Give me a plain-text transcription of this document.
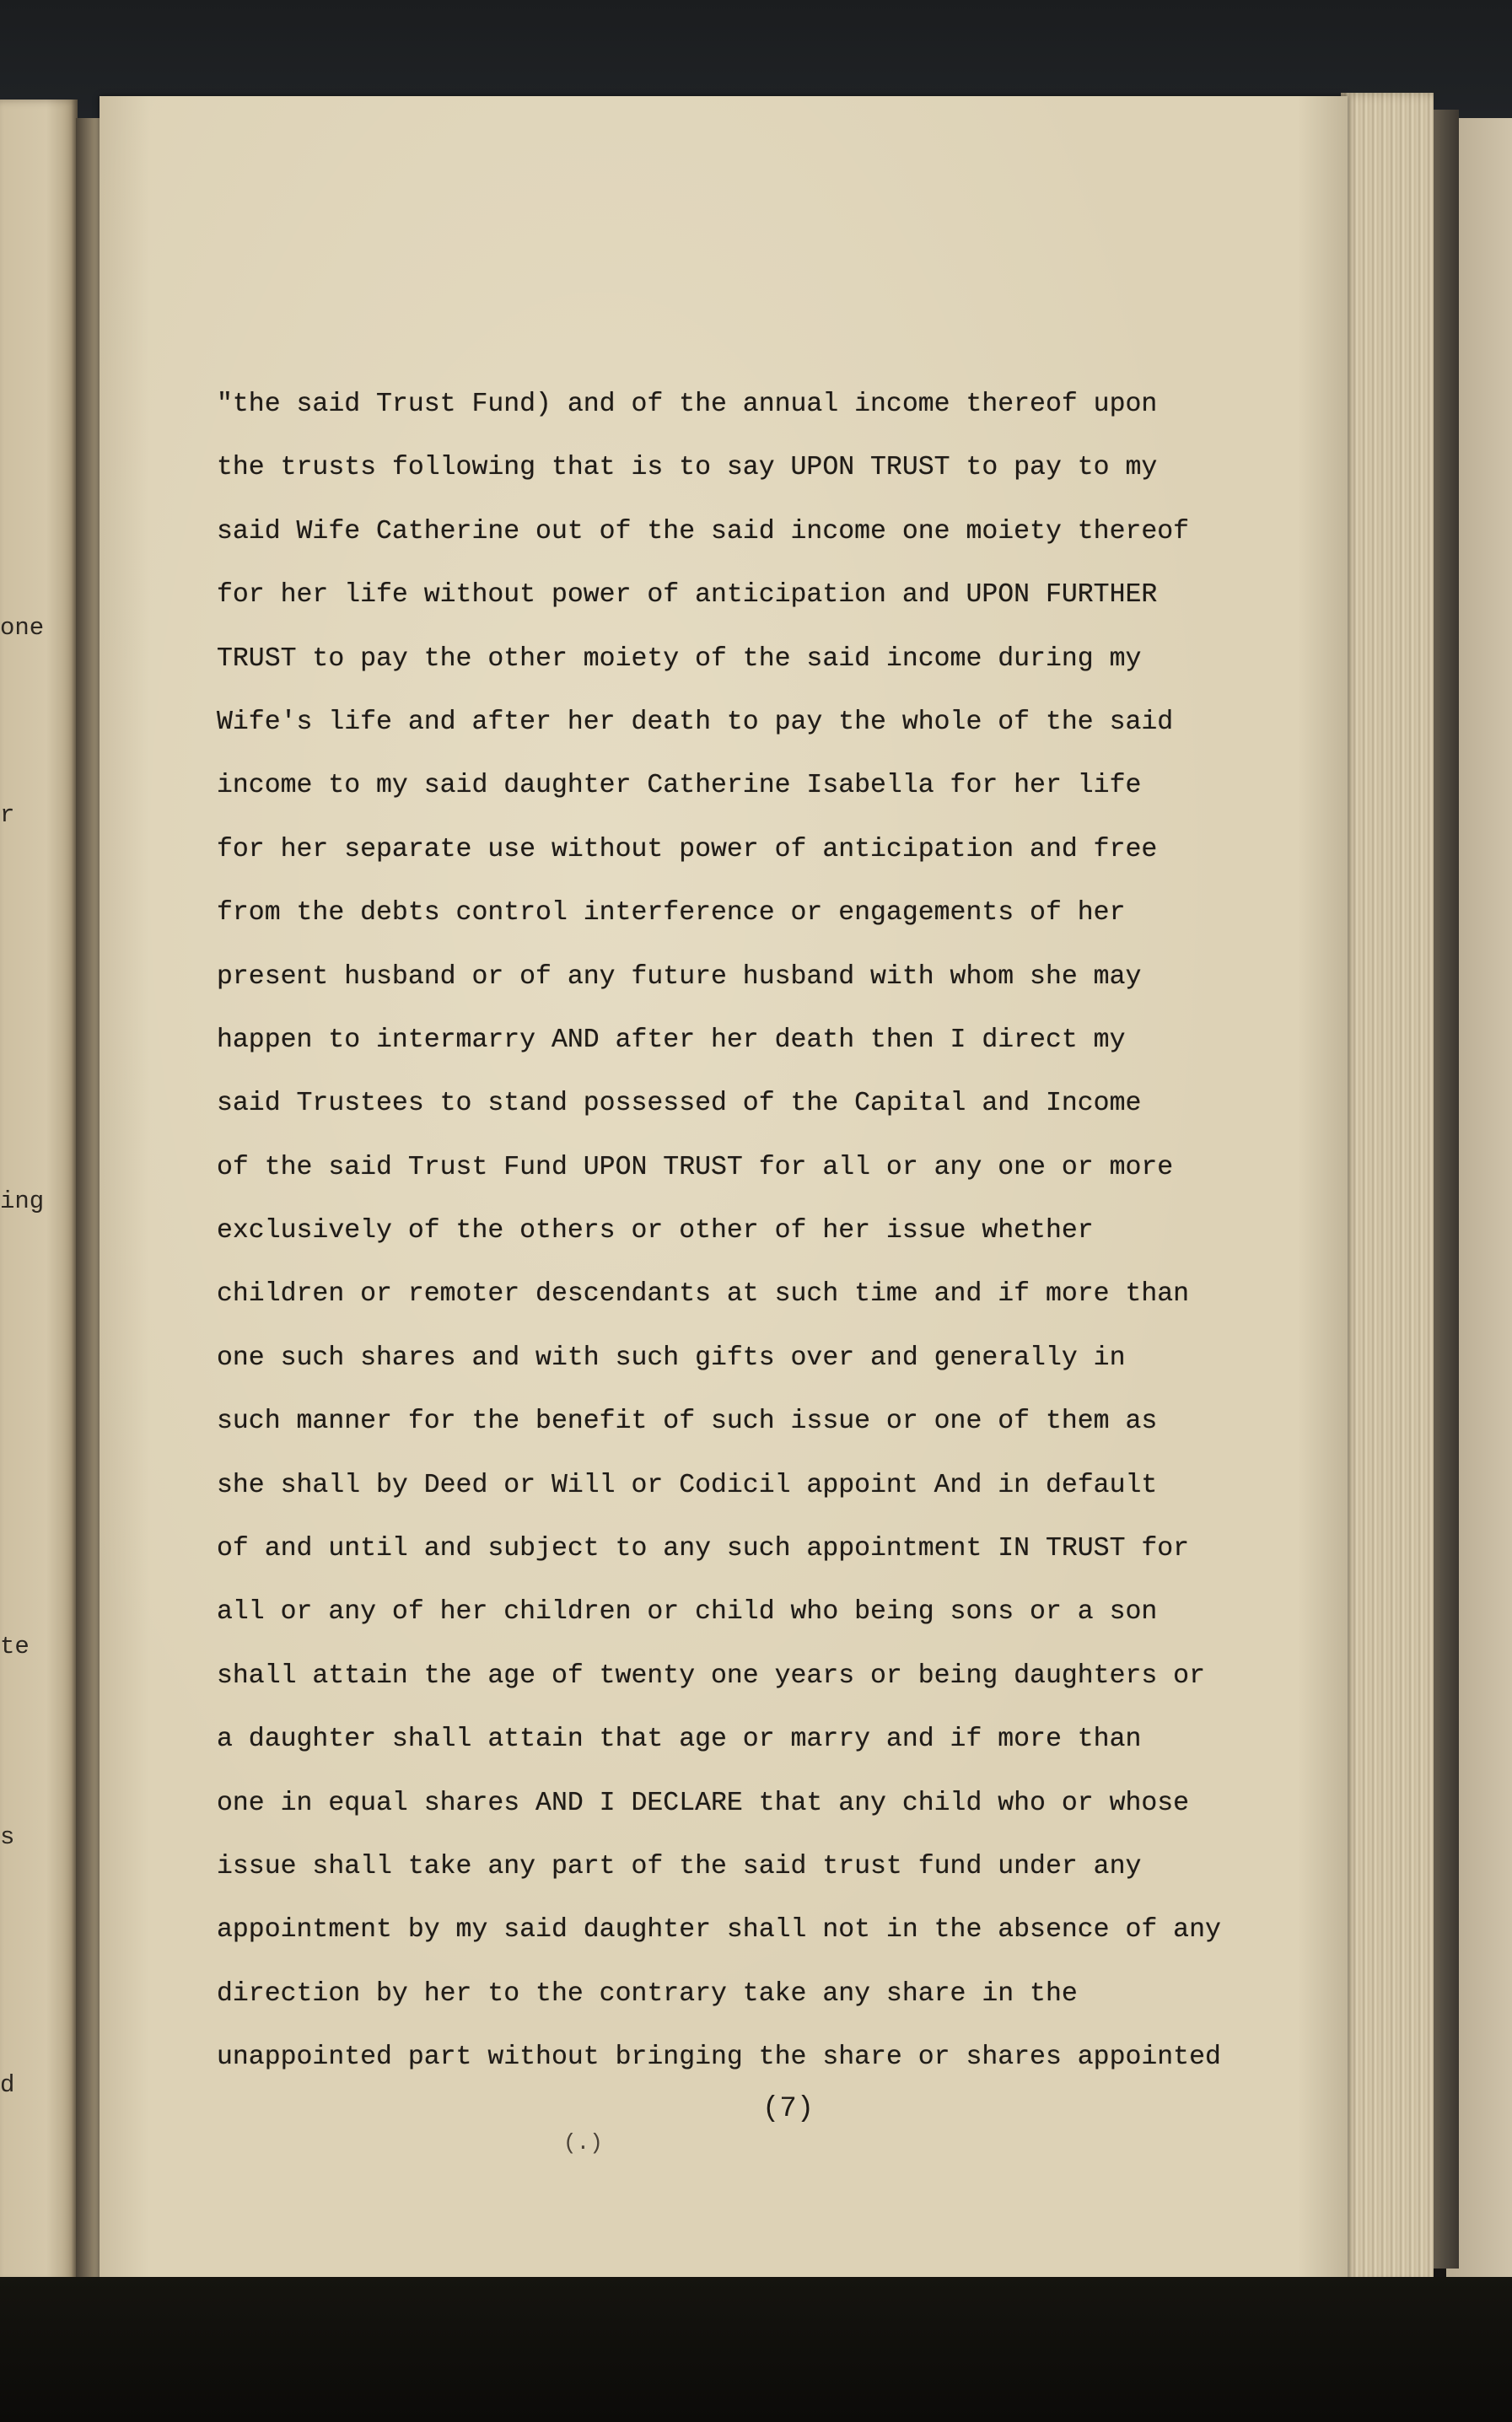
one
r
ing
te
s
d
"the said Trust Fund) and of the annual income thereof upon
the trusts following that is to say UPON TRUST to pay to my
said Wife Catherine out of the said income one moiety thereof
for her life without power of anticipation and UPON FURTHER
TRUST to pay the other moiety of the said income during my
Wife's life and after her death to pay the whole of the said
income to my said daughter Catherine Isabella for her life
for her separate use without power of anticipation and free
from the debts control interference or engagements of her
present husband or of any future husband with whom she may
happen to intermarry AND after her death then I direct my
said Trustees to stand possessed of the Capital and Income
of the said Trust Fund UPON TRUST for all or any one or more
exclusively of the others or other of her issue whether
children or remoter descendants at such time and if more than
one such shares and with such gifts over and generally in
such manner for the benefit of such issue or one of them as
she shall by Deed or Will or Codicil appoint And in default
of and until and subject to any such appointment IN TRUST for
all or any of her children or child who being sons or a son
shall attain the age of twenty one years or being daughters or
a daughter shall attain that age or marry and if more than
one in equal shares AND I DECLARE that any child who or whose
issue shall take any part of the said trust fund under any
appointment by my said daughter shall not in the absence of any
direction by her to the contrary take any share in the
unappointed part without bringing the share or shares appointed
(7)
(.)
